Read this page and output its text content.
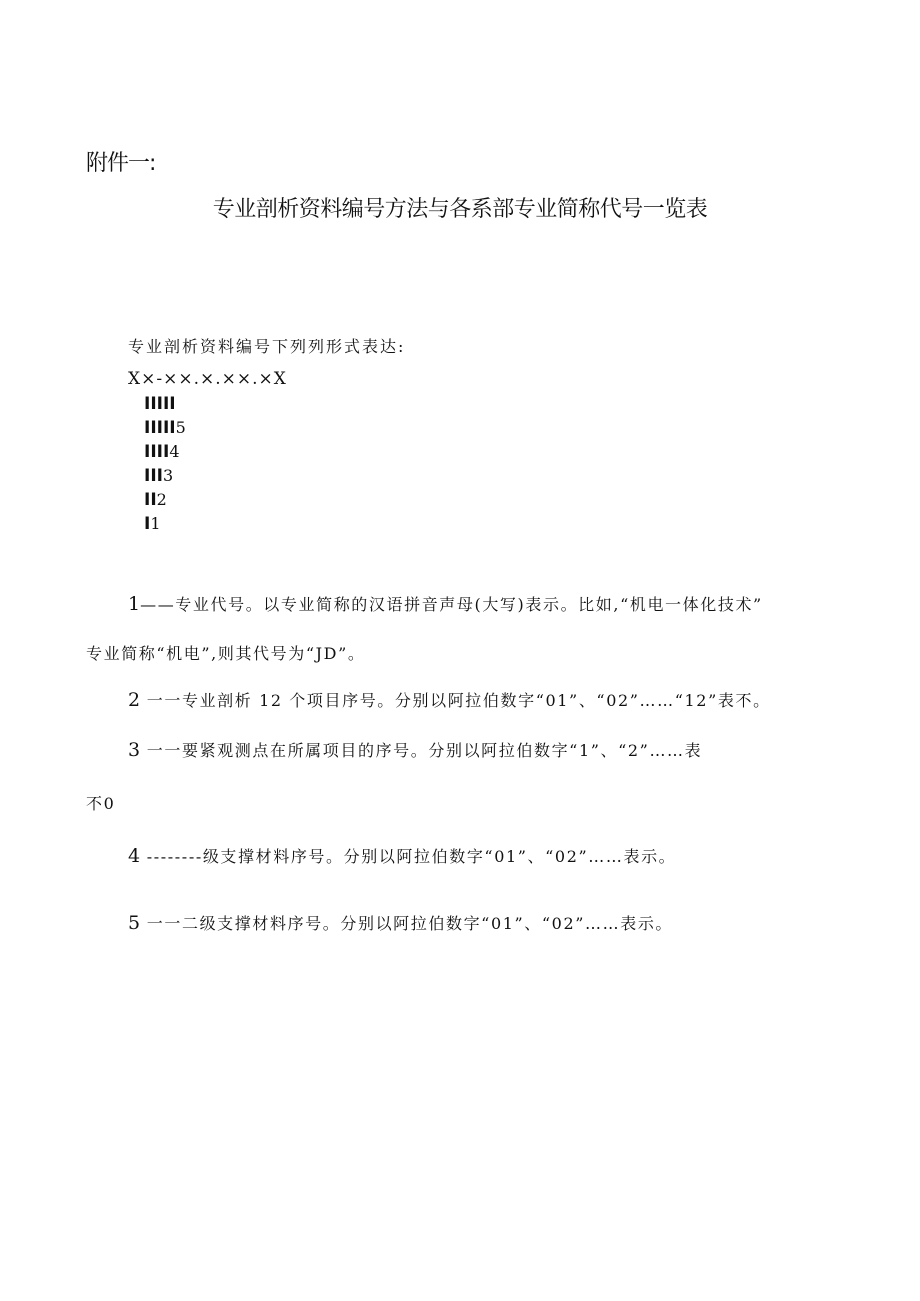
附件一:

专业剖析资料编号方法与各系部专业简称代号一览表

专业剖析资料编号下列列形式表达:

X×-××.×.××.×X

IIIII
IIIII5
IIII4
III3
II2
I1

1——专业代号。以专业简称的汉语拼音声母(大写)表示。比如,“机电一体化技术”

专业简称“机电”,则其代号为“JD”。

2 一一专业剖析 12 个项目序号。分别以阿拉伯数字“01”、“02”……“12”表不。

3 一一要紧观测点在所属项目的序号。分别以阿拉伯数字“1”、“2”……表

不0

4 --------级支撑材料序号。分别以阿拉伯数字“01”、“02”……表示。

5 一一二级支撑材料序号。分别以阿拉伯数字“01”、“02”……表示。
